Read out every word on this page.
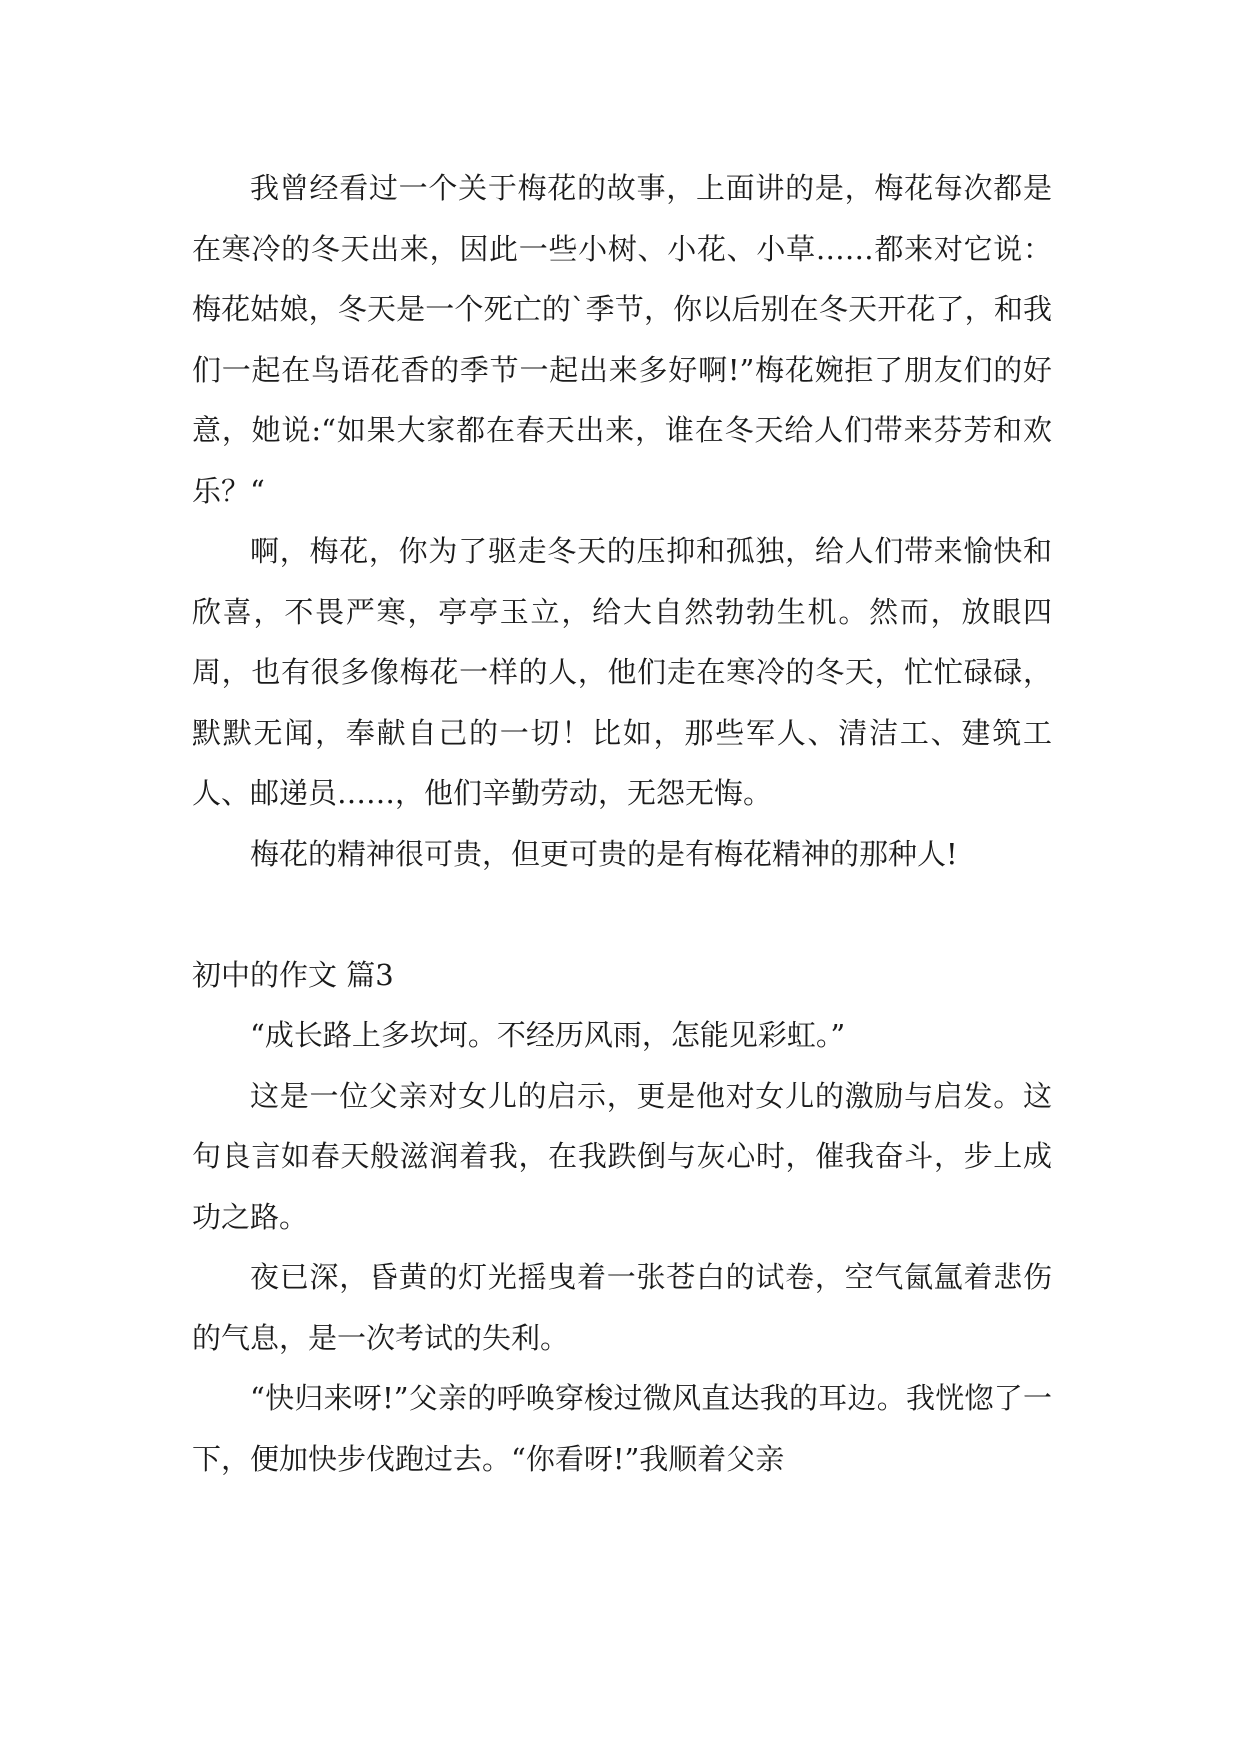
我曾经看过一个关于梅花的故事，上面讲的是，梅花每次都是在寒冷的冬天出来，因此一些小树、小花、小草……都来对它说：梅花姑娘，冬天是一个死亡的`季节，你以后别在冬天开花了，和我们一起在鸟语花香的季节一起出来多好啊!”梅花婉拒了朋友们的好意，她说:“如果大家都在春天出来，谁在冬天给人们带来芬芳和欢乐？“

啊，梅花，你为了驱走冬天的压抑和孤独，给人们带来愉快和欣喜，不畏严寒，亭亭玉立，给大自然勃勃生机。然而，放眼四周，也有很多像梅花一样的人，他们走在寒冷的冬天，忙忙碌碌，默默无闻，奉献自己的一切！比如，那些军人、清洁工、建筑工人、邮递员……，他们辛勤劳动，无怨无悔。

梅花的精神很可贵，但更可贵的是有梅花精神的那种人!

初中的作文 篇3

“成长路上多坎坷。不经历风雨，怎能见彩虹。”

这是一位父亲对女儿的启示，更是他对女儿的激励与启发。这句良言如春天般滋润着我，在我跌倒与灰心时，催我奋斗，步上成功之路。

夜已深，昏黄的灯光摇曳着一张苍白的试卷，空气氤氲着悲伤的气息，是一次考试的失利。

“快归来呀!”父亲的呼唤穿梭过微风直达我的耳边。我恍惚了一下，便加快步伐跑过去。“你看呀!”我顺着父亲
